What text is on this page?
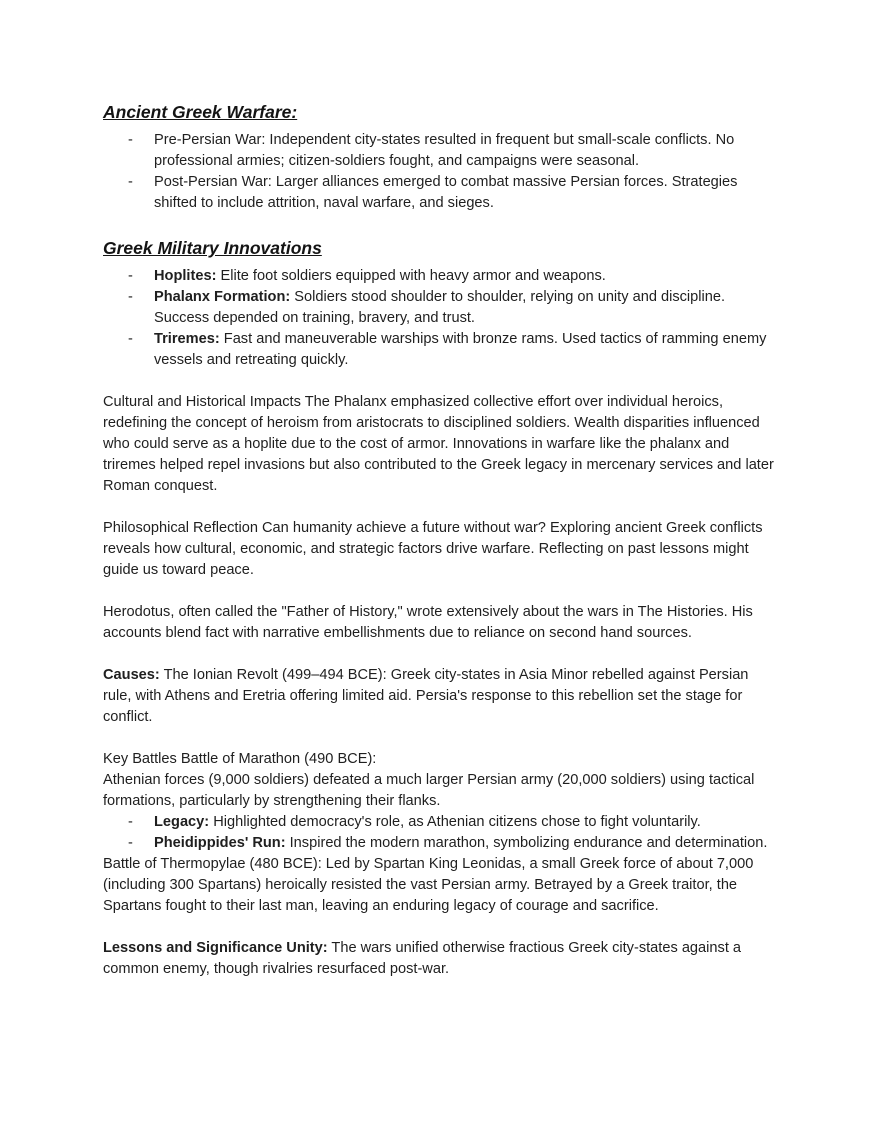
Ancient Greek Warfare:
-	Pre-Persian War: Independent city-states resulted in frequent but small-scale conflicts. No professional armies; citizen-soldiers fought, and campaigns were seasonal.
-	Post-Persian War: Larger alliances emerged to combat massive Persian forces. Strategies shifted to include attrition, naval warfare, and sieges.
Greek Military Innovations
-	Hoplites: Elite foot soldiers equipped with heavy armor and weapons.
-	Phalanx Formation: Soldiers stood shoulder to shoulder, relying on unity and discipline. Success depended on training, bravery, and trust.
-	Triremes: Fast and maneuverable warships with bronze rams. Used tactics of ramming enemy vessels and retreating quickly.

Cultural and Historical Impacts The Phalanx emphasized collective effort over individual heroics, redefining the concept of heroism from aristocrats to disciplined soldiers. Wealth disparities influenced who could serve as a hoplite due to the cost of armor. Innovations in warfare like the phalanx and triremes helped repel invasions but also contributed to the Greek legacy in mercenary services and later Roman conquest.

Philosophical Reflection Can humanity achieve a future without war? Exploring ancient Greek conflicts reveals how cultural, economic, and strategic factors drive warfare. Reflecting on past lessons might guide us toward peace.

Herodotus, often called the "Father of History," wrote extensively about the wars in The Histories. His accounts blend fact with narrative embellishments due to reliance on second hand sources.

Causes: The Ionian Revolt (499–494 BCE): Greek city-states in Asia Minor rebelled against Persian rule, with Athens and Eretria offering limited aid. Persia's response to this rebellion set the stage for conflict.

Key Battles Battle of Marathon (490 BCE):
Athenian forces (9,000 soldiers) defeated a much larger Persian army (20,000 soldiers) using tactical formations, particularly by strengthening their flanks.

-	Legacy: Highlighted democracy's role, as Athenian citizens chose to fight voluntarily.
-	Pheidippides' Run: Inspired the modern marathon, symbolizing endurance and determination.

Battle of Thermopylae (480 BCE): Led by Spartan King Leonidas, a small Greek force of about 7,000 (including 300 Spartans) heroically resisted the vast Persian army. Betrayed by a Greek traitor, the Spartans fought to their last man, leaving an enduring legacy of courage and sacrifice.

Lessons and Significance Unity: The wars unified otherwise fractious Greek city-states against a common enemy, though rivalries resurfaced post-war.
